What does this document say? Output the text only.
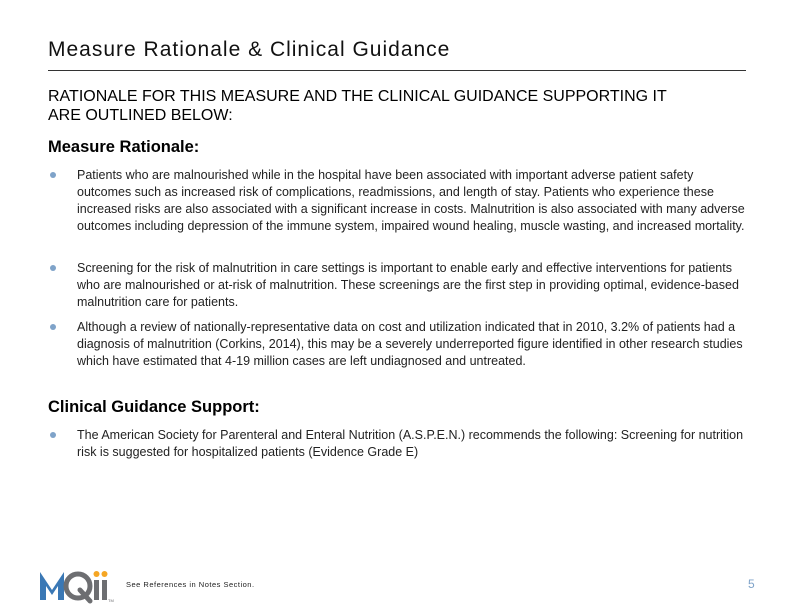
Measure Rationale & Clinical Guidance
RATIONALE FOR THIS MEASURE AND THE CLINICAL GUIDANCE SUPPORTING IT ARE OUTLINED BELOW:
Measure Rationale:
Patients who are malnourished while in the hospital have been associated with important adverse patient safety outcomes such as increased risk of complications, readmissions, and length of stay. Patients who experience these increased risks are also associated with a significant increase in costs. Malnutrition is also associated with many adverse outcomes including depression of the immune system, impaired wound healing, muscle wasting, and increased mortality.
Screening for the risk of malnutrition in care settings is important to enable early and effective interventions for patients who are malnourished or at-risk of malnutrition. These screenings are the first step in providing optimal, evidence-based malnutrition care for patients.
Although a review of nationally-representative data on cost and utilization indicated that in 2010, 3.2% of patients had a diagnosis of malnutrition (Corkins, 2014), this may be a severely underreported figure identified in other research studies which have estimated that 4-19 million cases are left undiagnosed and untreated.
Clinical Guidance Support:
The American Society for Parenteral and Enteral Nutrition (A.S.P.E.N.) recommends the following: Screening for nutrition risk is suggested for hospitalized patients (Evidence Grade E)
TM
See References in Notes Section.	5
